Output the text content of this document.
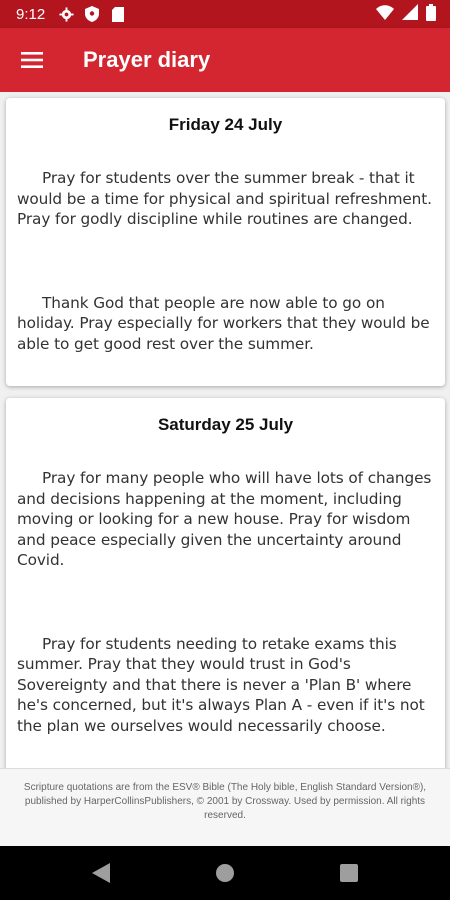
9:12
Prayer diary
Friday 24 July

Pray for students over the summer break - that it would be a time for physical and spiritual refreshment. Pray for godly discipline while routines are changed.

Thank God that people are now able to go on holiday. Pray especially for workers that they would be able to get good rest over the summer.

Saturday 25 July

Pray for many people who will have lots of changes and decisions happening at the moment, including moving or looking for a new house. Pray for wisdom and peace especially given the uncertainty around Covid.

Pray for students needing to retake exams this summer. Pray that they would trust in God's Sovereignty and that there is never a 'Plan B' where he's concerned, but it's always Plan A - even if it's not the plan we ourselves would necessarily choose.

Scripture quotations are from the ESV® Bible (The Holy bible, English Standard Version®), published by HarperCollinsPublishers, © 2001 by Crossway. Used by permission. All rights reserved.
